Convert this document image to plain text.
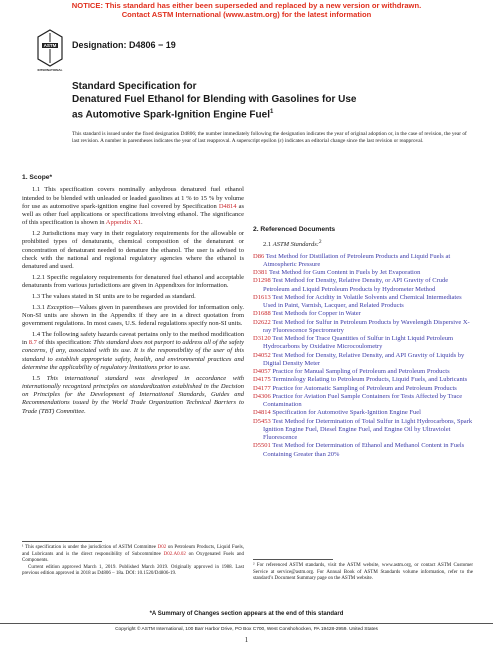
NOTICE: This standard has either been superseded and replaced by a new version or withdrawn.
Contact ASTM International (www.astm.org) for the latest information
ASTM
INTERNATIONAL
Designation: D4806 − 19
Standard Specification for
Denatured Fuel Ethanol for Blending with Gasolines for Use
as Automotive Spark-Ignition Engine Fuel$^1$
This standard is issued under the fixed designation D4806; the number immediately following the designation indicates the year of original adoption or, in the case of revision, the year of last revision. A number in parentheses indicates the year of last reapproval. A superscript epsilon (ε) indicates an editorial change since the last revision or reapproval.
1. Scope*

1.1 This specification covers nominally anhydrous denatured fuel ethanol intended to be blended with unleaded or leaded gasolines at 1 % to 15 % by volume for use as automotive spark-ignition engine fuel covered by Specification D4814 as well as other fuel applications or specifications involving ethanol. The significance of this specification is shown in Appendix X1.

1.2 Jurisdictions may vary in their regulatory requirements for the allowable or prohibited types of denaturants, chemical composition of the denaturant or concentration of denaturant needed to denature the ethanol. The user is advised to check with the national and regional regulatory agencies where the ethanol is denatured and used.

1.2.1 Specific regulatory requirements for denatured fuel ethanol and acceptable denaturants from various jurisdictions are given in Appendixes for information.

1.3 The values stated in SI units are to be regarded as standard.

1.3.1 Exception—Values given in parentheses are provided for information only. Non-SI units are shown in the Appendix if they are in a direct quotation from government regulations. In most cases, U.S. federal regulations specify non-SI units.

1.4 The following safety hazards caveat pertains only to the method modification in 8.7 of this specification: This standard does not purport to address all of the safety concerns, if any, associated with its use. It is the responsibility of the user of this standard to establish appropriate safety, health, and environmental practices and determine the applicability of regulatory limitations prior to use.

1.5 This international standard was developed in accordance with internationally recognized principles on standardization established in the Decision on Principles for the Development of International Standards, Guides and Recommendations issued by the World Trade Organization Technical Barriers to Trade (TBT) Committee.

2. Referenced Documents
2.1 ASTM Standards:$^2$
D86 Test Method for Distillation of Petroleum Products and Liquid Fuels at Atmospheric Pressure
D381 Test Method for Gum Content in Fuels by Jet Evaporation
D1298 Test Method for Density, Relative Density, or API Gravity of Crude Petroleum and Liquid Petroleum Products by Hydrometer Method
D1613 Test Method for Acidity in Volatile Solvents and Chemical Intermediates Used in Paint, Varnish, Lacquer, and Related Products
D1688 Test Methods for Copper in Water
D2622 Test Method for Sulfur in Petroleum Products by Wavelength Dispersive X-ray Fluorescence Spectrometry
D3120 Test Method for Trace Quantities of Sulfur in Light Liquid Petroleum Hydrocarbons by Oxidative Microcoulometry
D4052 Test Method for Density, Relative Density, and API Gravity of Liquids by Digital Density Meter
D4057 Practice for Manual Sampling of Petroleum and Petroleum Products
D4175 Terminology Relating to Petroleum Products, Liquid Fuels, and Lubricants
D4177 Practice for Automatic Sampling of Petroleum and Petroleum Products
D4306 Practice for Aviation Fuel Sample Containers for Tests Affected by Trace Contamination
D4814 Specification for Automotive Spark-Ignition Engine Fuel
D5453 Test Method for Determination of Total Sulfur in Light Hydrocarbons, Spark Ignition Engine Fuel, Diesel Engine Fuel, and Engine Oil by Ultraviolet Fluorescence
D5501 Test Method for Determination of Ethanol and Methanol Content in Fuels Containing Greater than 20%
¹ This specification is under the jurisdiction of ASTM Committee D02 on Petroleum Products, Liquid Fuels, and Lubricants and is the direct responsibility of Subcommittee D02.A0.02 on Oxygenated Fuels and Components.
Current edition approved March 1, 2019. Published March 2019. Originally approved in 1988. Last previous edition approved in 2018 as D4806 – 18a. DOI: 10.1520/D4806-19.
² For referenced ASTM standards, visit the ASTM website, www.astm.org, or contact ASTM Customer Service at service@astm.org. For Annual Book of ASTM Standards volume information, refer to the standard’s Document Summary page on the ASTM website.
*A Summary of Changes section appears at the end of this standard
Copyright © ASTM International, 100 Barr Harbor Drive, PO Box C700, West Conshohocken, PA 19428-2959. United States
1
